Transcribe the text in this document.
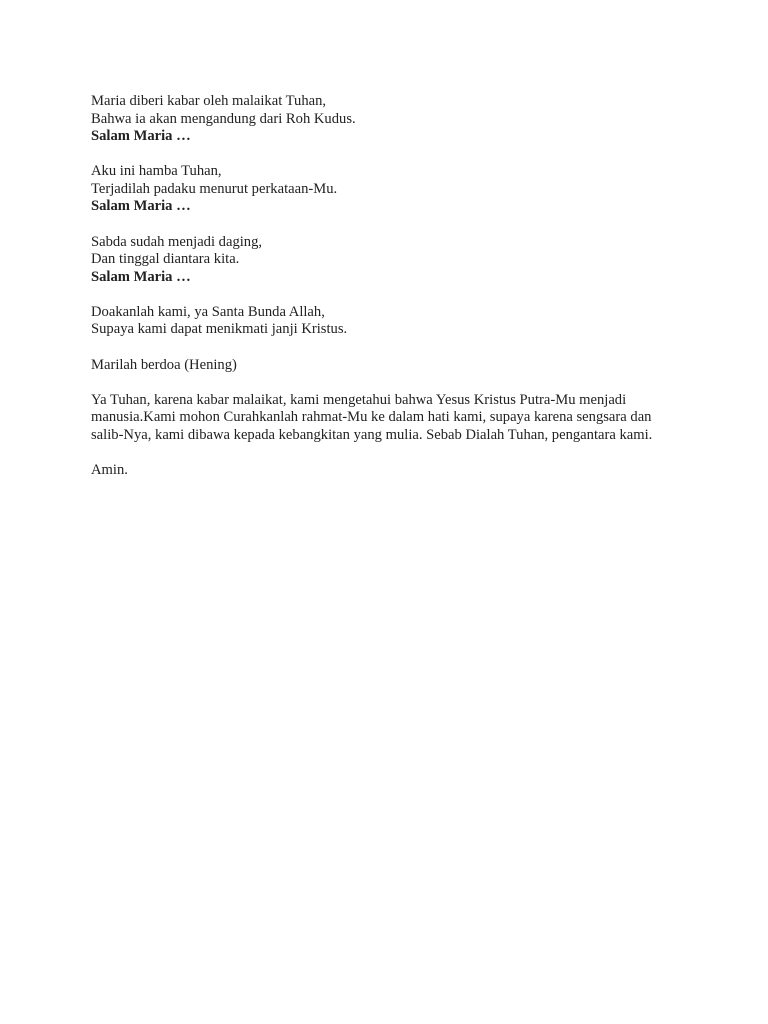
Maria diberi kabar oleh malaikat Tuhan,
Bahwa ia akan mengandung dari Roh Kudus.
Salam Maria …
Aku ini hamba Tuhan,
Terjadilah padaku menurut perkataan-Mu.
Salam Maria …
Sabda sudah menjadi daging,
Dan tinggal diantara kita.
Salam Maria …
Doakanlah kami, ya Santa Bunda Allah,
Supaya kami dapat menikmati janji Kristus.
Marilah berdoa (Hening)
Ya Tuhan, karena kabar malaikat, kami mengetahui bahwa Yesus Kristus Putra-Mu menjadi
manusia.Kami mohon Curahkanlah rahmat-Mu ke dalam hati kami, supaya karena sengsara dan
salib-Nya, kami dibawa kepada kebangkitan yang mulia. Sebab Dialah Tuhan, pengantara kami.
Amin.
